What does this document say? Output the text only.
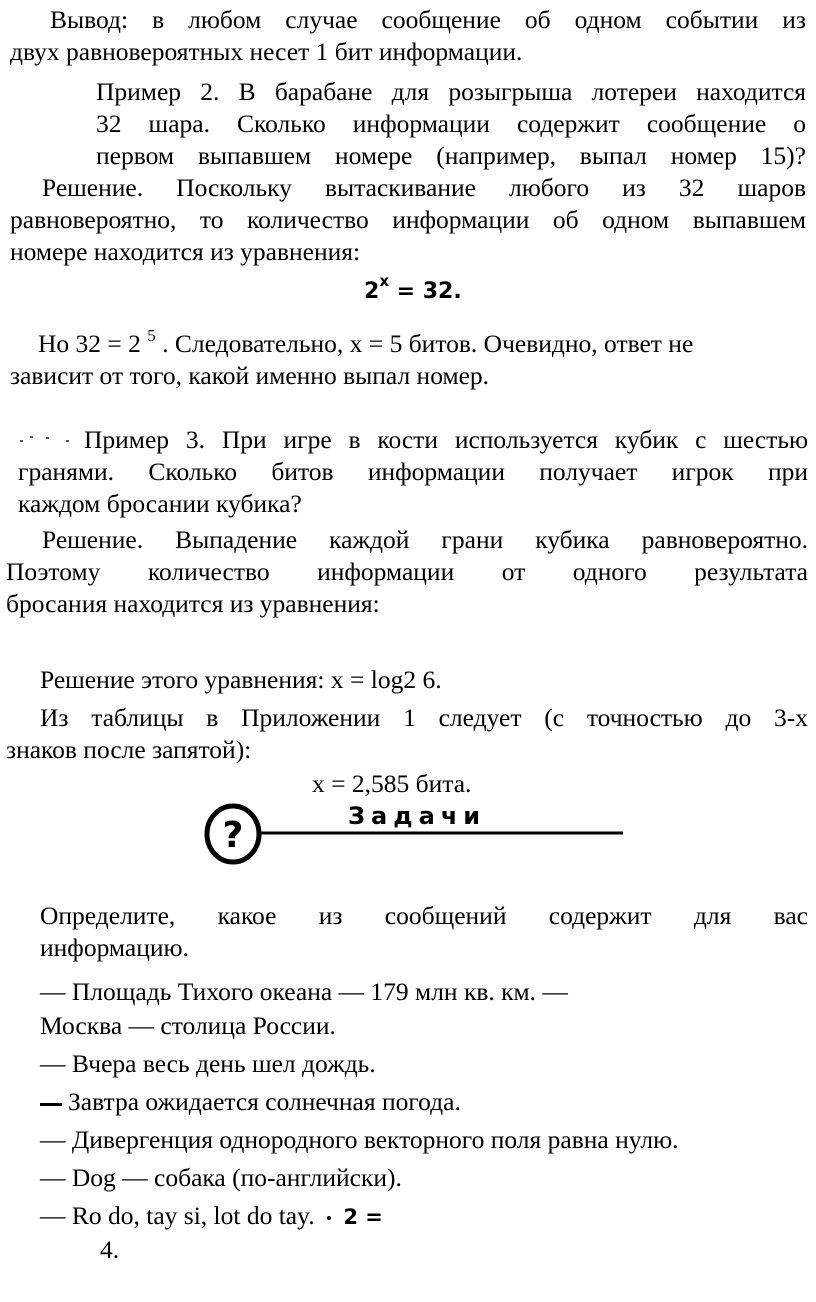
Вывод: в любом случае сообщение об одном событии из
двух равновероятных несет 1 бит информации.
Пример 2. В барабане для розыгрыша лотереи находится
32 шара. Сколько информации содержит сообщение о
первом выпавшем номере (например, выпал номер 15)?
Решение. Поскольку вытаскивание любого из 32 шаров
равновероятно, то количество информации об одном выпавшем
номере находится из уравнения:
$2^x = 32$.
Но 32 = 2 $^5$ . Следовательно, х = 5 битов. Очевидно, ответ не
зависит от того, какой именно выпал номер.
Пример 3. При игре в кости используется кубик с шестью
гранями. Сколько битов информации получает игрок при
каждом бросании кубика?
Решение. Выпадение каждой грани кубика равновероятно.
Поэтому количество информации от одного результата
бросания находится из уравнения:
Решение этого уравнения: х = log2 6.
Из таблицы в Приложении 1 следует (с точностью до 3-х
знаков после запятой):
х = 2,585 бита.
?	Задачи
Определите, какое из сообщений содержит для вас
информацию.
— Площадь Тихого океана — 179 млн кв. км. —
Москва — столица России.
— Вчера весь день шел дождь.
Завтра ожидается солнечная погода.
— Дивергенция однородного векторного поля равна нулю.
— Dog — собака (по-английски).
— Ro do, tay si, lot do tay. 2 =
4.
